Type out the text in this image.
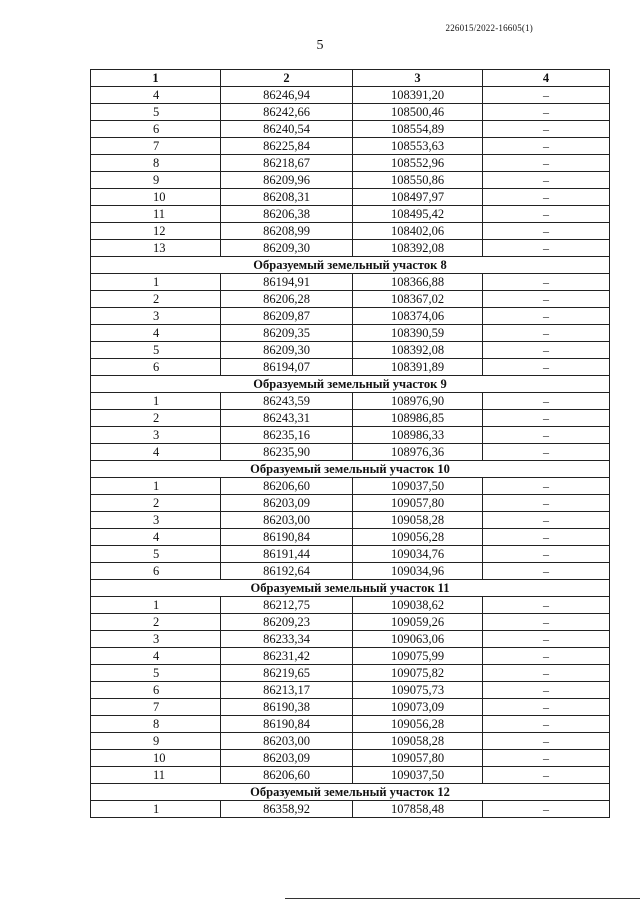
226015/2022-16605(1)
5
1	2	3	4
4	86246,94	108391,20	–
5	86242,66	108500,46	–
6	86240,54	108554,89	–
7	86225,84	108553,63	–
8	86218,67	108552,96	–
9	86209,96	108550,86	–
10	86208,31	108497,97	–
11	86206,38	108495,42	–
12	86208,99	108402,06	–
13	86209,30	108392,08	–
Образуемый земельный участок 8			
1	86194,91	108366,88	–
2	86206,28	108367,02	–
3	86209,87	108374,06	–
4	86209,35	108390,59	–
5	86209,30	108392,08	–
6	86194,07	108391,89	–
Образуемый земельный участок 9			
1	86243,59	108976,90	–
2	86243,31	108986,85	–
3	86235,16	108986,33	–
4	86235,90	108976,36	–
Образуемый земельный участок 10			
1	86206,60	109037,50	–
2	86203,09	109057,80	–
3	86203,00	109058,28	–
4	86190,84	109056,28	–
5	86191,44	109034,76	–
6	86192,64	109034,96	–
Образуемый земельный участок 11			
1	86212,75	109038,62	–
2	86209,23	109059,26	–
3	86233,34	109063,06	–
4	86231,42	109075,99	–
5	86219,65	109075,82	–
6	86213,17	109075,73	–
7	86190,38	109073,09	–
8	86190,84	109056,28	–
9	86203,00	109058,28	–
10	86203,09	109057,80	–
11	86206,60	109037,50	–
Образуемый земельный участок 12			
1	86358,92	107858,48	–
